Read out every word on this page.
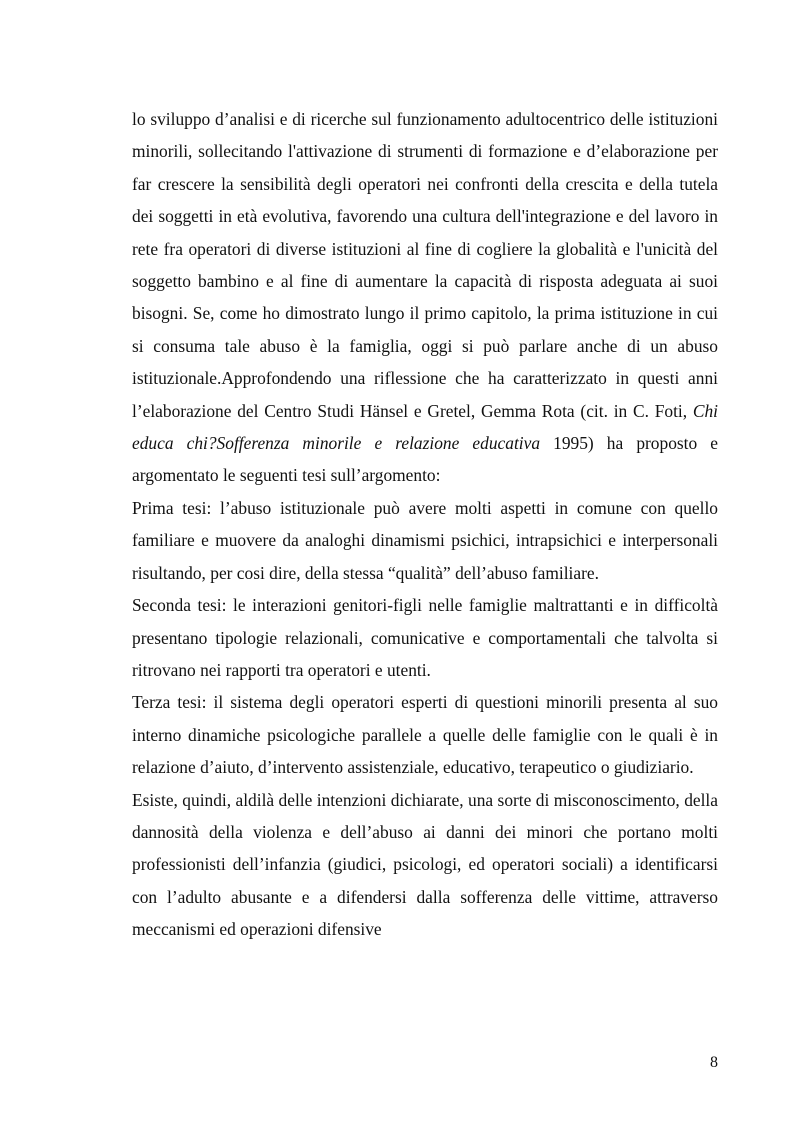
lo sviluppo d’analisi e di ricerche sul funzionamento adultocentrico delle istituzioni minorili, sollecitando l'attivazione di strumenti di formazione e d’elaborazione per far crescere la sensibilità degli operatori nei confronti della crescita e della tutela dei soggetti in età evolutiva, favorendo una cultura dell'integrazione e del lavoro in rete fra operatori di diverse istituzioni al fine di cogliere la globalità e l'unicità del soggetto bambino e al fine di aumentare la capacità di risposta adeguata ai suoi bisogni. Se, come ho dimostrato lungo il primo capitolo, la prima istituzione in cui si consuma tale abuso è la famiglia, oggi si può parlare anche di un abuso istituzionale.Approfondendo una riflessione che ha caratterizzato in questi anni l’elaborazione del Centro Studi Hänsel e Gretel, Gemma Rota (cit. in C. Foti, Chi educa chi?Sofferenza minorile e relazione educativa 1995) ha proposto e argomentato le seguenti tesi sull’argomento:

Prima tesi: l’abuso istituzionale può avere molti aspetti in comune con quello familiare e muovere da analoghi dinamismi psichici, intrapsichici e interpersonali risultando, per cosi dire, della stessa “qualità” dell’abuso familiare.

Seconda tesi: le interazioni genitori-figli nelle famiglie maltrattanti e in difficoltà presentano tipologie relazionali, comunicative e comportamentali che talvolta si ritrovano nei rapporti tra operatori e utenti.

Terza tesi: il sistema degli operatori esperti di questioni minorili presenta al suo interno dinamiche psicologiche parallele a quelle delle famiglie con le quali è in relazione d’aiuto, d’intervento assistenziale, educativo, terapeutico o giudiziario.

Esiste, quindi, aldilà delle intenzioni dichiarate, una sorte di misconoscimento, della dannosità della violenza e dell’abuso ai danni dei minori che portano molti professionisti dell’infanzia (giudici, psicologi, ed operatori sociali) a identificarsi con l’adulto abusante e a difendersi dalla sofferenza delle vittime, attraverso meccanismi ed operazioni difensive

8
